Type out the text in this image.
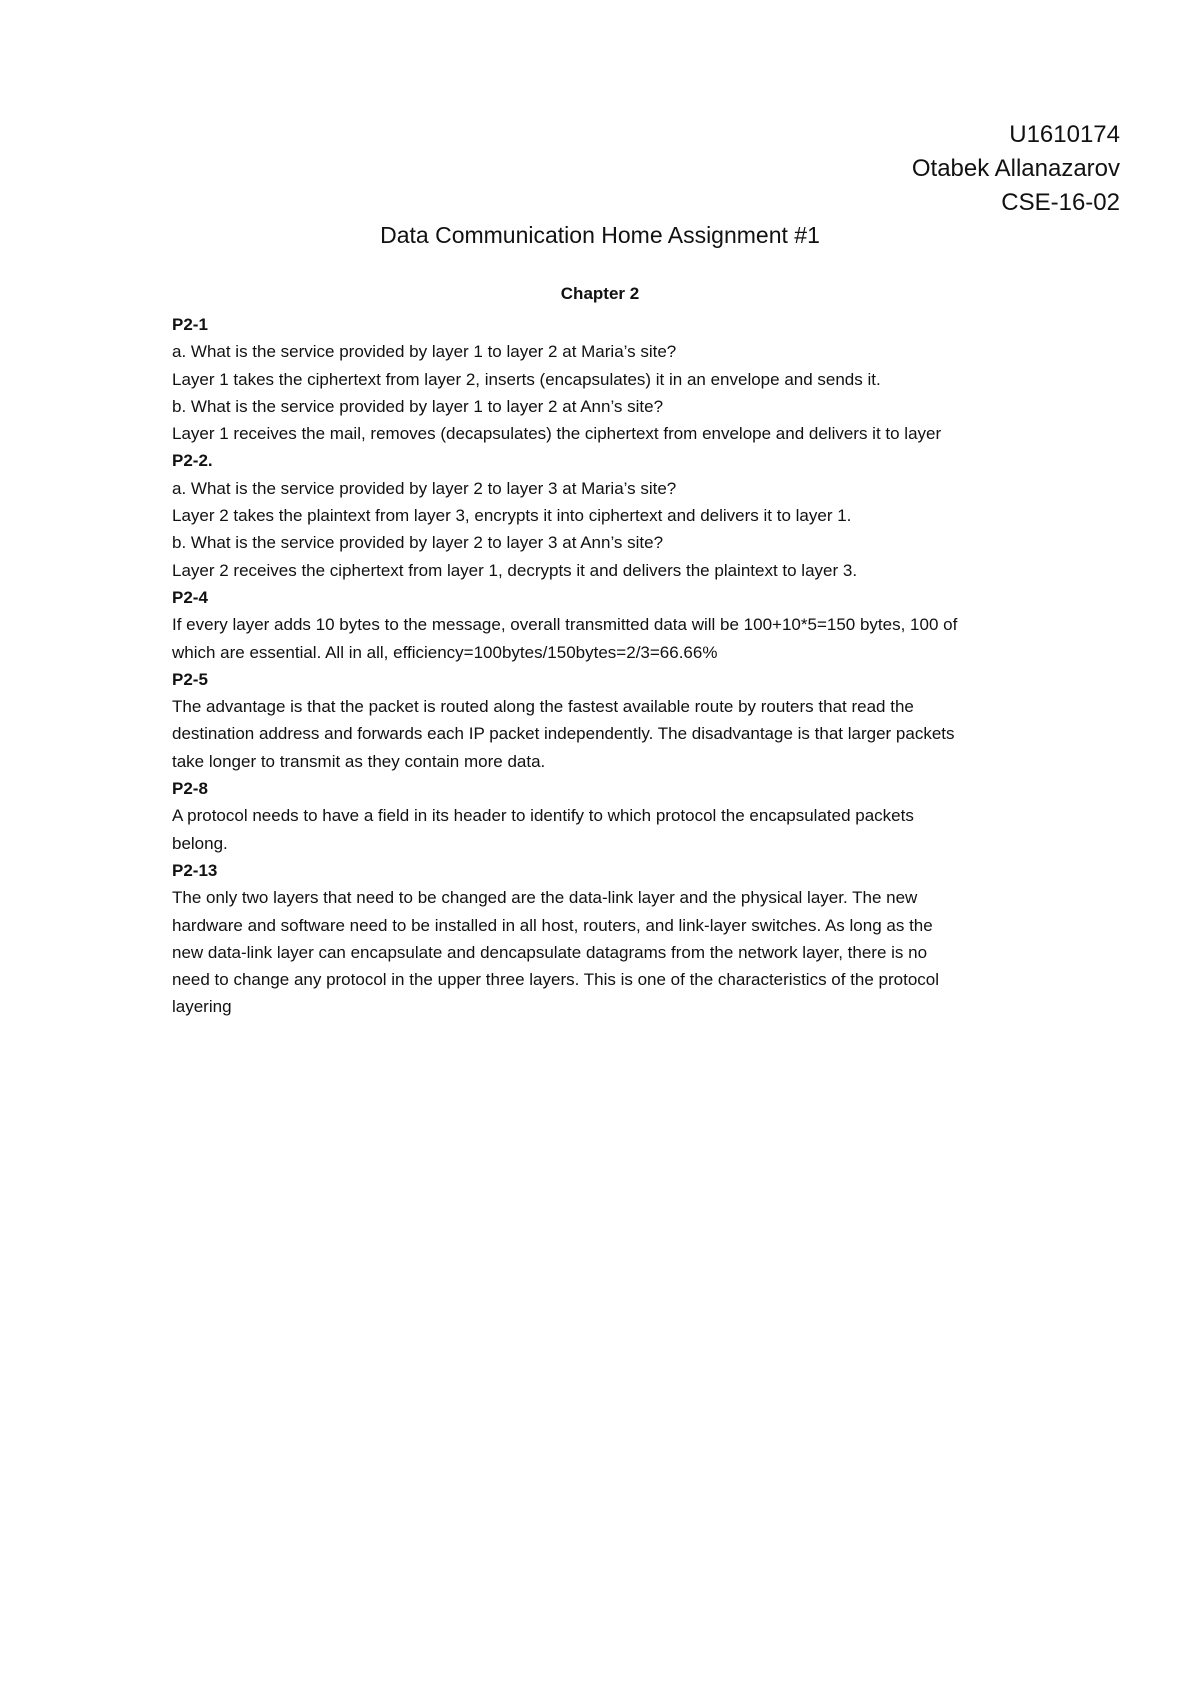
U1610174
Otabek Allanazarov
CSE-16-02
Data Communication Home Assignment #1
Chapter 2
P2-1
a. What is the service provided by layer 1 to layer 2 at Maria’s site?
Layer 1 takes the ciphertext from layer 2, inserts (encapsulates) it in an envelope and sends it.
b. What is the service provided by layer 1 to layer 2 at Ann’s site?
Layer 1 receives the mail, removes (decapsulates) the ciphertext from envelope and delivers it to layer
P2-2.
a. What is the service provided by layer 2 to layer 3 at Maria’s site?
Layer 2 takes the plaintext from layer 3, encrypts it into ciphertext and delivers it to layer 1.
b. What is the service provided by layer 2 to layer 3 at Ann’s site?
Layer 2 receives the ciphertext from layer 1, decrypts it and delivers the plaintext to layer 3.
P2-4
If every layer adds 10 bytes to the message, overall transmitted data will be 100+10*5=150 bytes, 100 of
which are essential. All in all, efficiency=100bytes/150bytes=2/3=66.66%
P2-5
The advantage is that the packet is routed along the fastest available route by routers that read the
destination address and forwards each IP packet independently. The disadvantage is that larger packets
take longer to transmit as they contain more data.
P2-8
A protocol needs to have a field in its header to identify to which protocol the encapsulated packets
belong.
P2-13
The only two layers that need to be changed are the data-link layer and the physical layer. The new
hardware and software need to be installed in all host, routers, and link-layer switches. As long as the
new data-link layer can encapsulate and dencapsulate datagrams from the network layer, there is no
need to change any protocol in the upper three layers. This is one of the characteristics of the protocol
layering
